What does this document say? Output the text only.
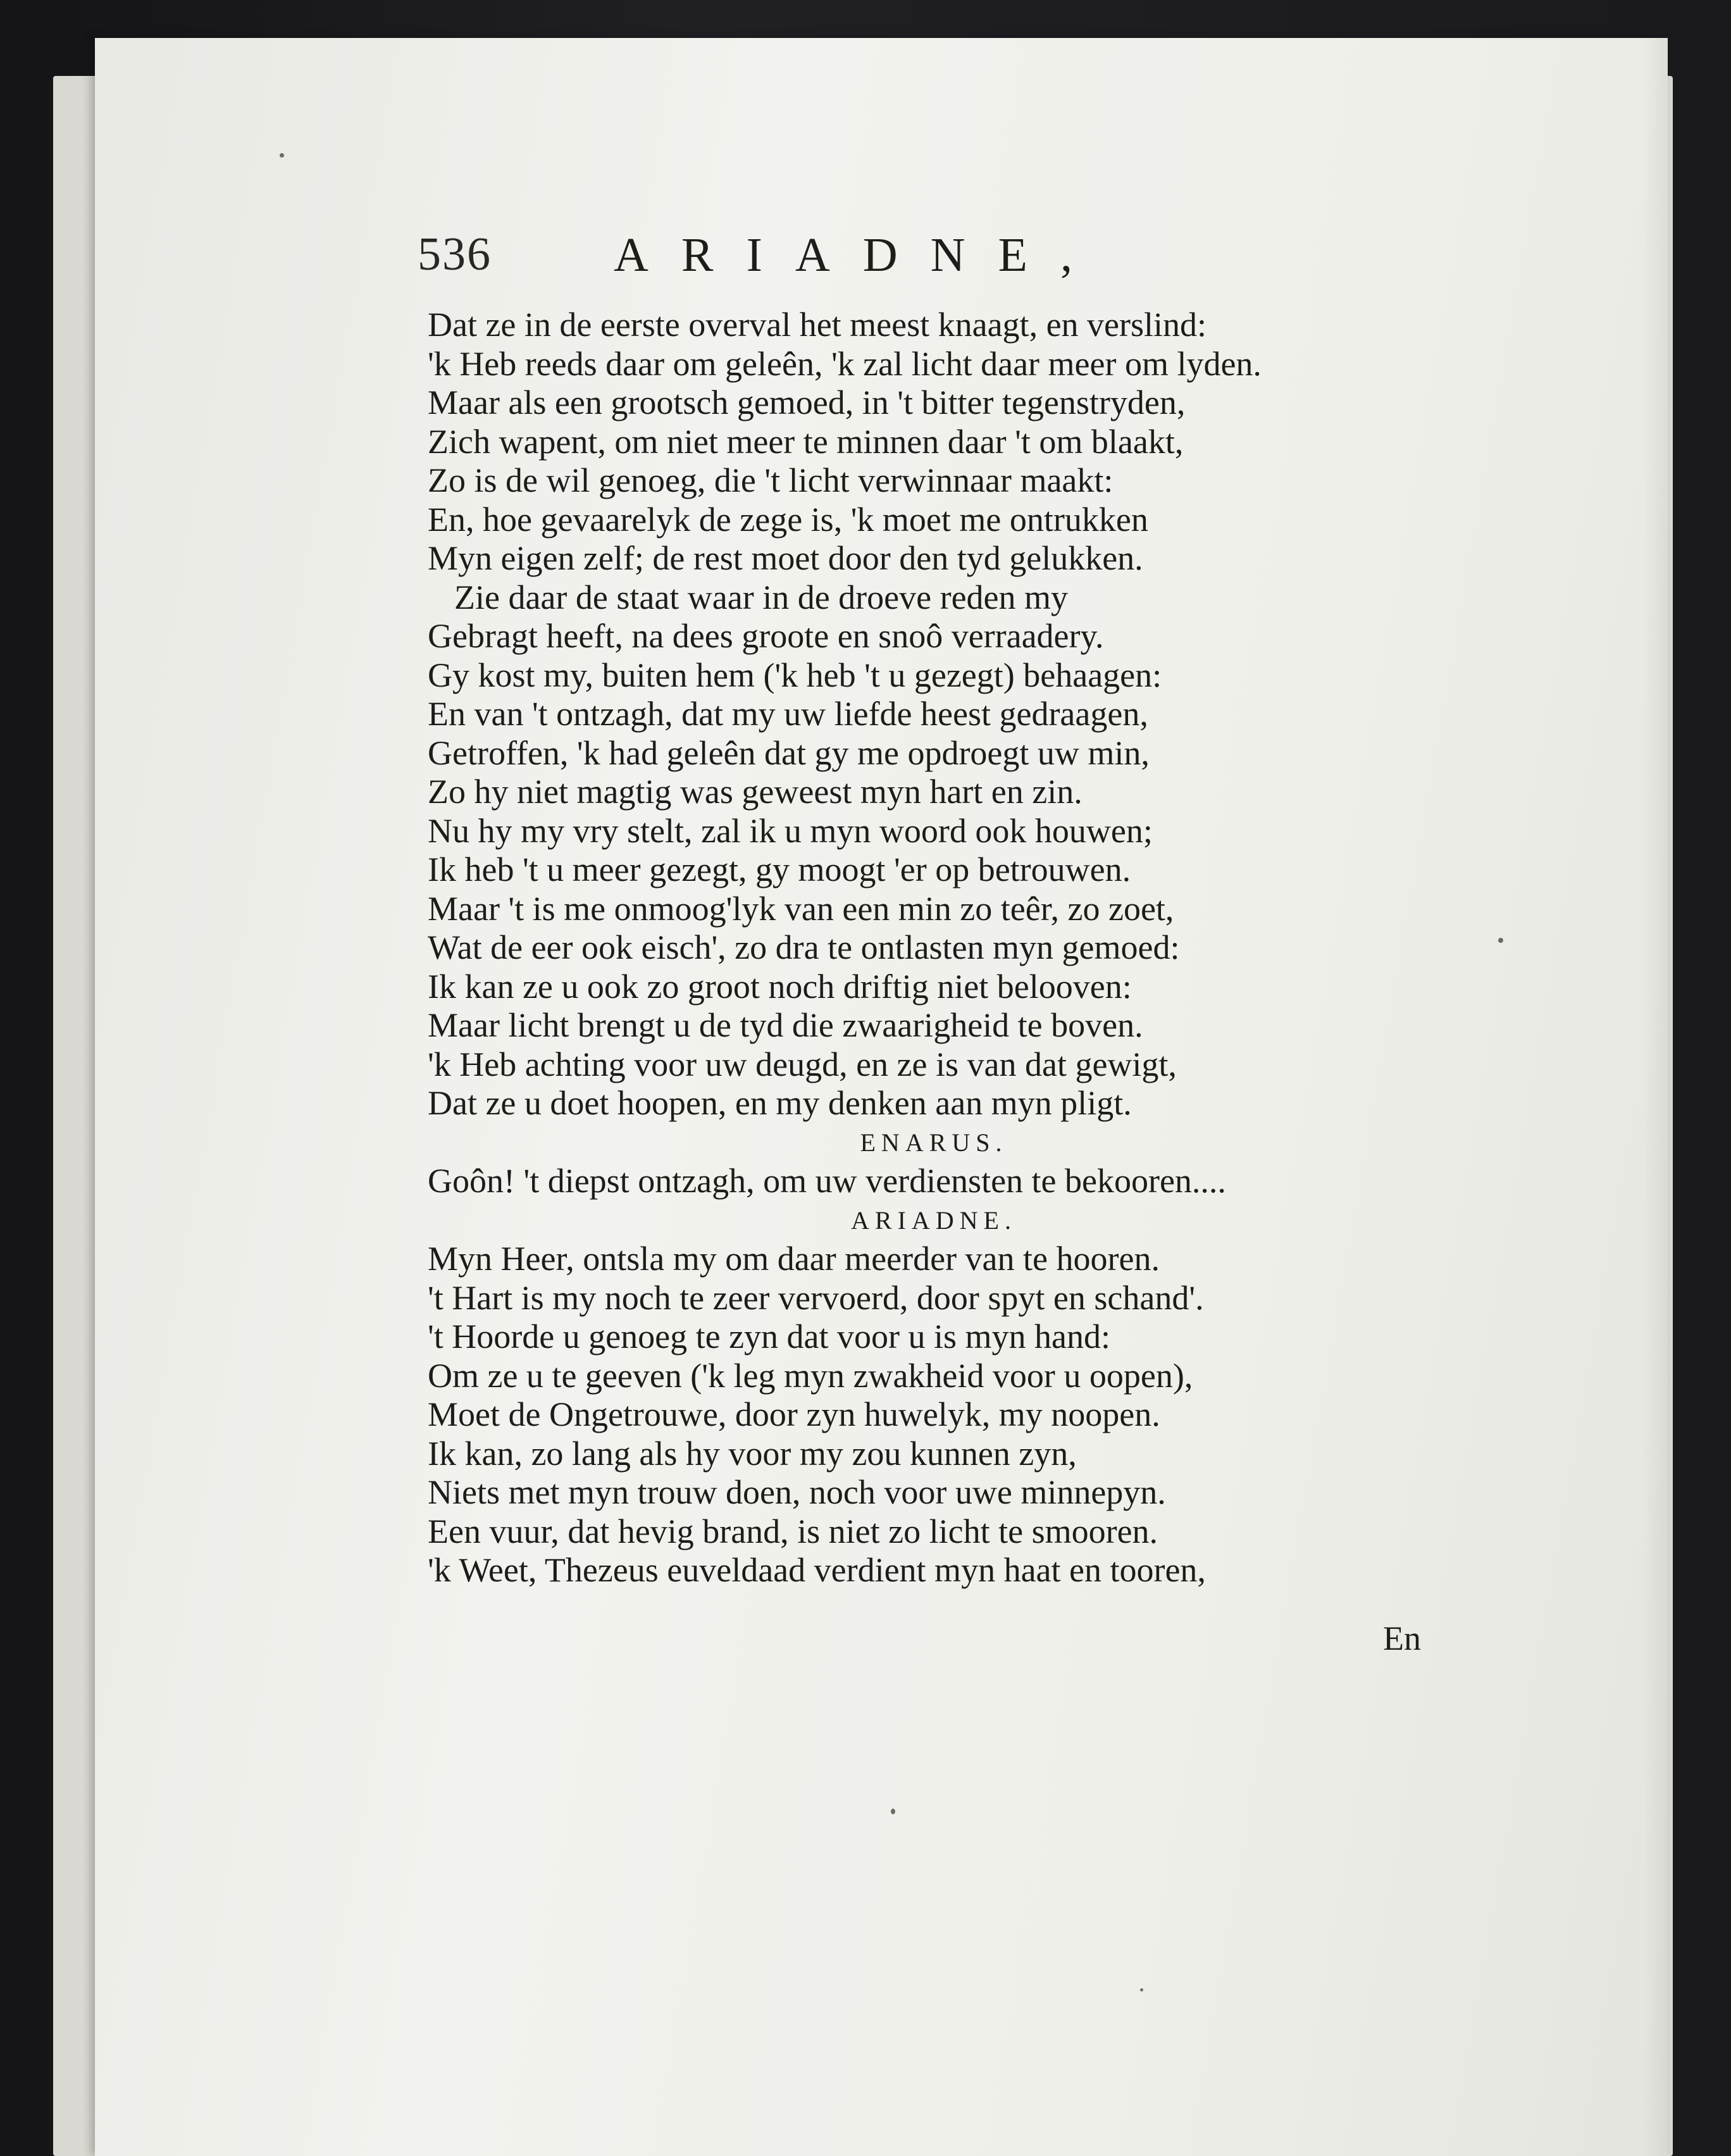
536	ARIADNE,
Dat ze in de eerste overval het meest knaagt, en verslind:
'k Heb reeds daar om geleên, 'k zal licht daar meer om lyden.
Maar als een grootsch gemoed, in 't bitter tegenstryden,
Zich wapent, om niet meer te minnen daar 't om blaakt,
Zo is de wil genoeg, die 't licht verwinnaar maakt:
En, hoe gevaarelyk de zege is, 'k moet me ontrukken
Myn eigen zelf; de rest moet door den tyd gelukken.
Zie daar de staat waar in de droeve reden my
Gebragt heeft, na dees groote en snoô verraadery.
Gy kost my, buiten hem ('k heb 't u gezegt) behaagen:
En van 't ontzagh, dat my uw liefde heest gedraagen,
Getroffen, 'k had geleên dat gy me opdroegt uw min,
Zo hy niet magtig was geweest myn hart en zin.
Nu hy my vry stelt, zal ik u myn woord ook houwen;
Ik heb 't u meer gezegt, gy moogt 'er op betrouwen.
Maar 't is me onmoog'lyk van een min zo teêr, zo zoet,
Wat de eer ook eisch', zo dra te ontlasten myn gemoed:
Ik kan ze u ook zo groot noch driftig niet belooven:
Maar licht brengt u de tyd die zwaarigheid te boven.
'k Heb achting voor uw deugd, en ze is van dat gewigt,
Dat ze u doet hoopen, en my denken aan myn pligt.
ENARUS.
Goôn! 't diepst ontzagh, om uw verdiensten te bekooren....
ARIADNE.
Myn Heer, ontsla my om daar meerder van te hooren.
't Hart is my noch te zeer vervoerd, door spyt en schand'.
't Hoorde u genoeg te zyn dat voor u is myn hand:
Om ze u te geeven ('k leg myn zwakheid voor u oopen),
Moet de Ongetrouwe, door zyn huwelyk, my noopen.
Ik kan, zo lang als hy voor my zou kunnen zyn,
Niets met myn trouw doen, noch voor uwe minnepyn.
Een vuur, dat hevig brand, is niet zo licht te smooren.
'k Weet, Thezeus euveldaad verdient myn haat en tooren,
En
